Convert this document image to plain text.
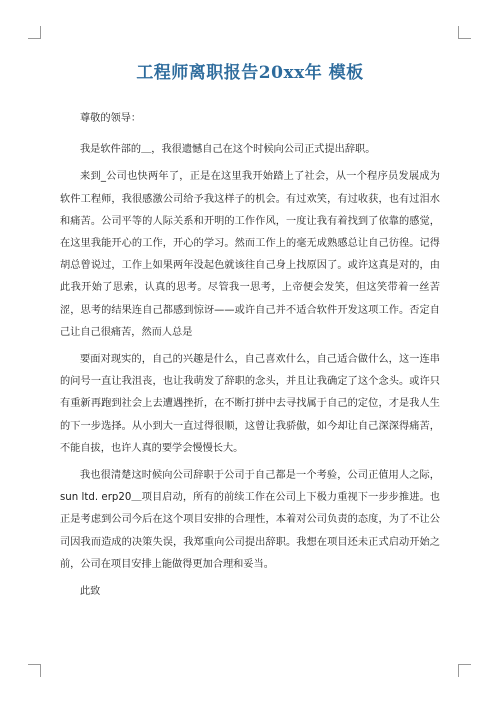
工程师离职报告20xx年 模板

尊敬的领导：

我是软件部的＿，我很遗憾自己在这个时候向公司正式提出辞职。

来到_公司也快两年了，正是在这里我开始踏上了社会，从一个程序员发展成为软件工程师，我很感激公司给予我这样子的机会。有过欢笑，有过收获，也有过泪水和痛苦。公司平等的人际关系和开明的工作作风，一度让我有着找到了依靠的感觉，在这里我能开心的工作，开心的学习。然而工作上的毫无成熟感总让自己彷徨。记得胡总曾说过，工作上如果两年没起色就该往自己身上找原因了。或许这真是对的，由此我开始了思索，认真的思考。尽管我一思考，上帝便会发笑，但这笑带着一丝苦涩，思考的结果连自己都感到惊讶——或许自己并不适合软件开发这项工作。否定自己让自己很痛苦，然而人总是

要面对现实的，自己的兴趣是什么，自己喜欢什么，自己适合做什么，这一连串的问号一直让我沮丧，也让我萌发了辞职的念头，并且让我确定了这个念头。或许只有重新再跑到社会上去遭遇挫折，在不断打拼中去寻找属于自己的定位，才是我人生的下一步选择。从小到大一直过得很顺，这曾让我骄傲，如今却让自己深深得痛苦，不能自拔，也许人真的要学会慢慢长大。

我也很清楚这时候向公司辞职于公司于自己都是一个考验，公司正值用人之际，sun ltd. erp20＿项目启动，所有的前续工作在公司上下极力重视下一步步推进。也正是考虑到公司今后在这个项目安排的合理性，本着对公司负责的态度，为了不让公司因我而造成的决策失误，我郑重向公司提出辞职。我想在项目还未正式启动开始之前，公司在项目安排上能做得更加合理和妥当。

此致
